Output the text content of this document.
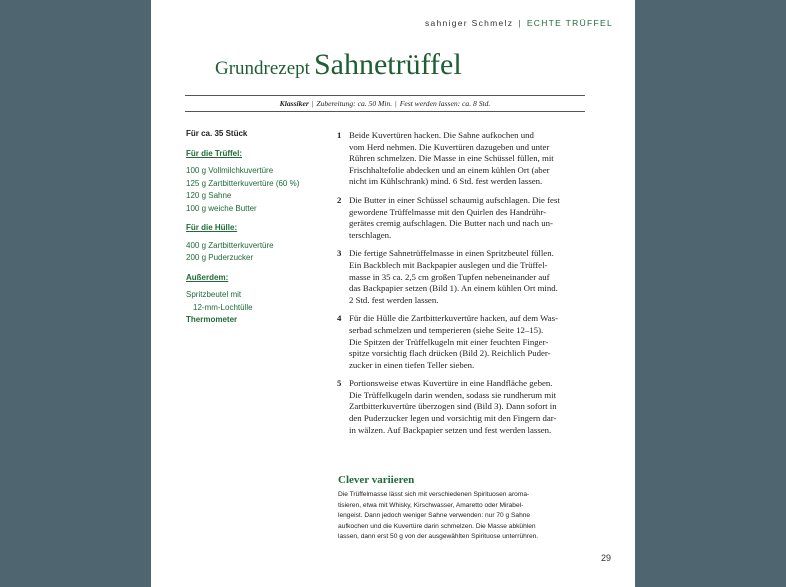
sahniger Schmelz | ECHTE TRÜFFEL
Grundrezept Sahnetrüffel
Klassiker | Zubereitung: ca. 50 Min. | Fest werden lassen: ca. 8 Std.
Für ca. 35 Stück
Für die Trüffel:
100 g Vollmilchkuvertüre
125 g Zartbitterkuvertüre (60 %)
120 g Sahne
100 g weiche Butter
Für die Hülle:
400 g Zartbitterkuvertüre
200 g Puderzucker
Außerdem:
Spritzbeutel mit
12-mm-Lochtülle
Thermometer
1 Beide Kuvertüren hacken. Die Sahne aufkochen und
vom Herd nehmen. Die Kuvertüren dazugeben und unter
Rühren schmelzen. Die Masse in eine Schüssel füllen, mit
Frischhaltefolie abdecken und an einem kühlen Ort (aber
nicht im Kühlschrank) mind. 6 Std. fest werden lassen.
2 Die Butter in einer Schüssel schaumig aufschlagen. Die fest
gewordene Trüffelmasse mit den Quirlen des Handrühr-
gerätes cremig aufschlagen. Die Butter nach und nach un-
terschlagen.
3 Die fertige Sahnetrüffelmasse in einen Spritzbeutel füllen.
Ein Backblech mit Backpapier auslegen und die Trüffel-
masse in 35 ca. 2,5 cm großen Tupfen nebeneinander auf
das Backpapier setzen (Bild 1). An einem kühlen Ort mind.
2 Std. fest werden lassen.
4 Für die Hülle die Zartbitterkuvertüre hacken, auf dem Was-
serbad schmelzen und temperieren (siehe Seite 12–15).
Die Spitzen der Trüffelkugeln mit einer feuchten Finger-
spitze vorsichtig flach drücken (Bild 2). Reichlich Puder-
zucker in einen tiefen Teller sieben.
5 Portionsweise etwas Kuvertüre in eine Handfläche geben.
Die Trüffelkugeln darin wenden, sodass sie rundherum mit
Zartbitterkuvertüre überzogen sind (Bild 3). Dann sofort in
den Puderzucker legen und vorsichtig mit den Fingern dar-
in wälzen. Auf Backpapier setzen und fest werden lassen.
Clever variieren
Die Trüffelmasse lässt sich mit verschiedenen Spirituosen aroma-
tisieren, etwa mit Whisky, Kirschwasser, Amaretto oder Mirabel-
lengeist. Dann jedoch weniger Sahne verwenden: nur 70 g Sahne
aufkochen und die Kuvertüre darin schmelzen. Die Masse abkühlen
lassen, dann erst 50 g von der ausgewählten Spirituose unterrühren.
29
